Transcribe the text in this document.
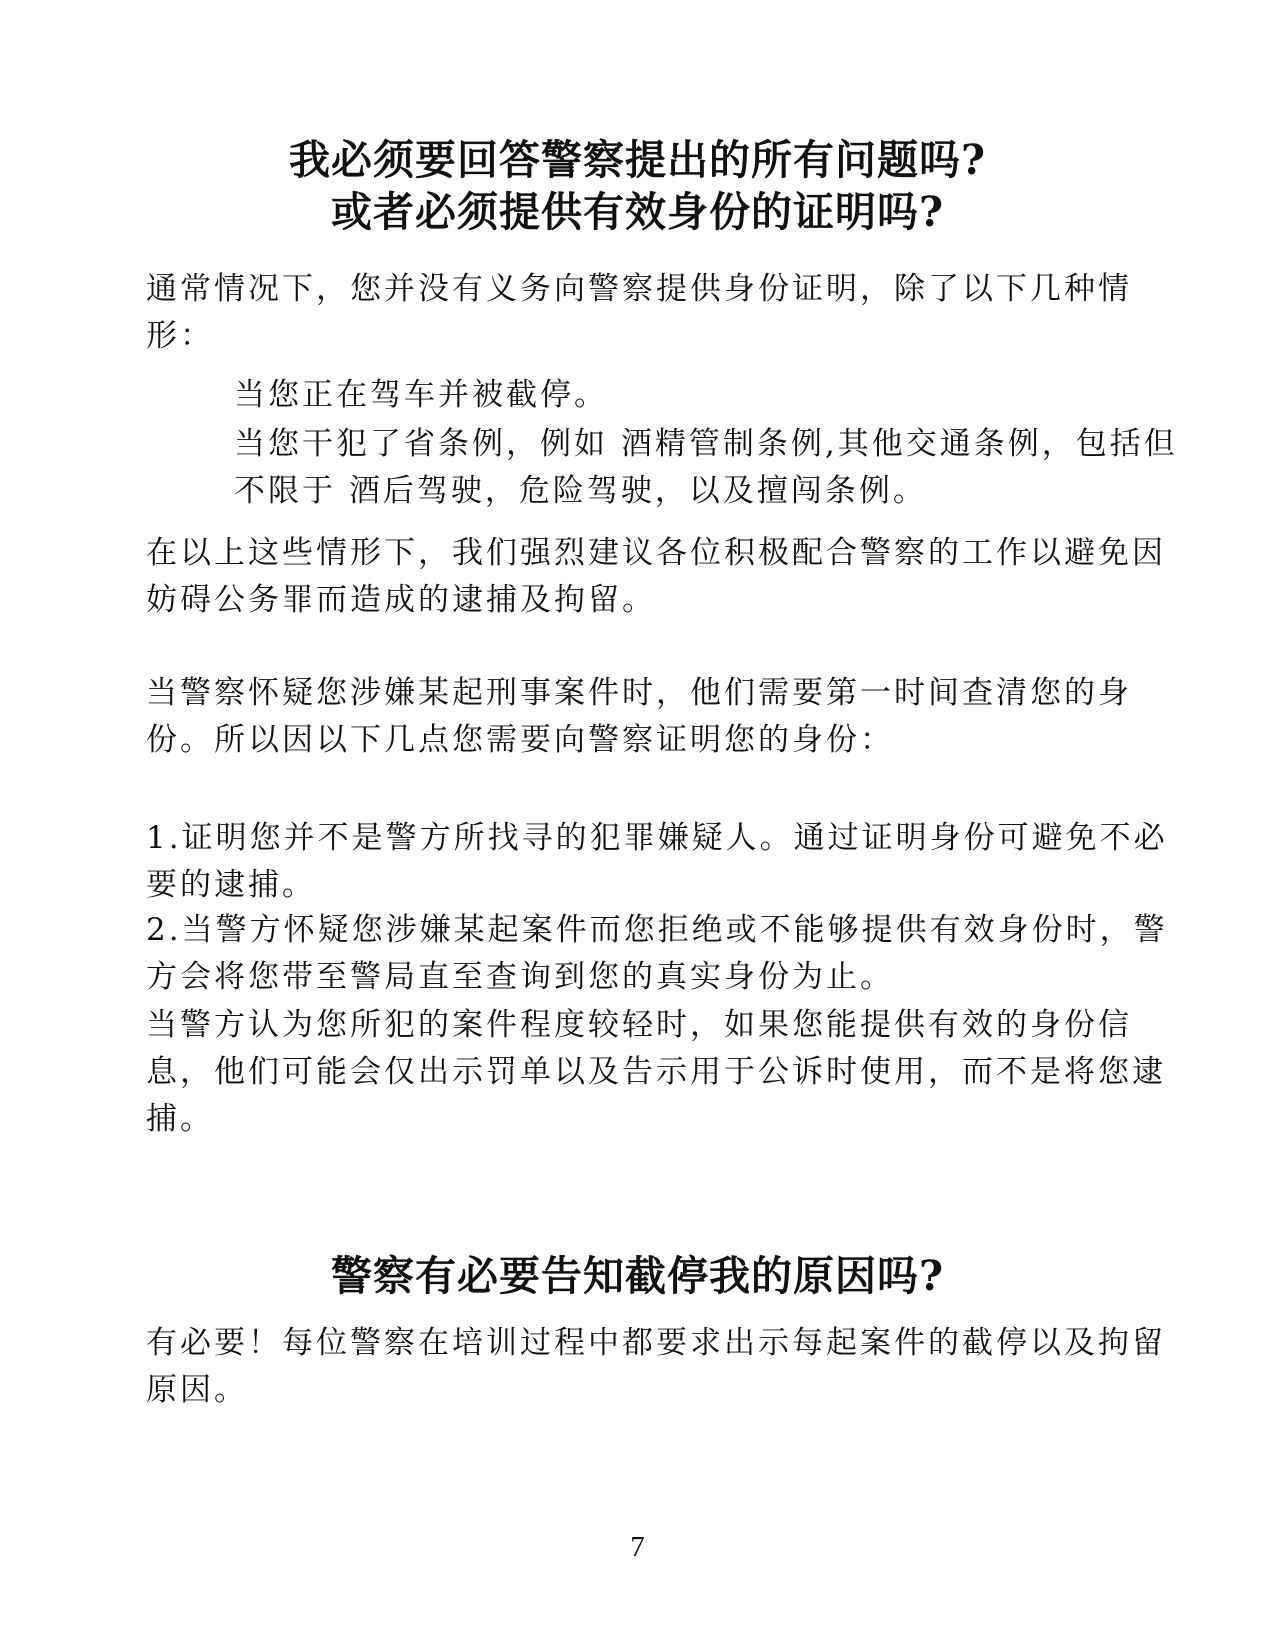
我必须要回答警察提出的所有问题吗?
或者必须提供有效身份的证明吗?

通常情况下，您并没有义务向警察提供身份证明，除了以下几种情形：

当您正在驾车并被截停。

当您干犯了省条例，例如 酒精管制条例,其他交通条例，包括但不限于 酒后驾驶，危险驾驶，以及擅闯条例。

在以上这些情形下，我们强烈建议各位积极配合警察的工作以避免因妨碍公务罪而造成的逮捕及拘留。

当警察怀疑您涉嫌某起刑事案件时，他们需要第一时间查清您的身份。所以因以下几点您需要向警察证明您的身份：

1.证明您并不是警方所找寻的犯罪嫌疑人。通过证明身份可避免不必要的逮捕。

2.当警方怀疑您涉嫌某起案件而您拒绝或不能够提供有效身份时，警方会将您带至警局直至查询到您的真实身份为止。

当警方认为您所犯的案件程度较轻时，如果您能提供有效的身份信息，他们可能会仅出示罚单以及告示用于公诉时使用，而不是将您逮捕。

警察有必要告知截停我的原因吗?

有必要！每位警察在培训过程中都要求出示每起案件的截停以及拘留原因。

7
